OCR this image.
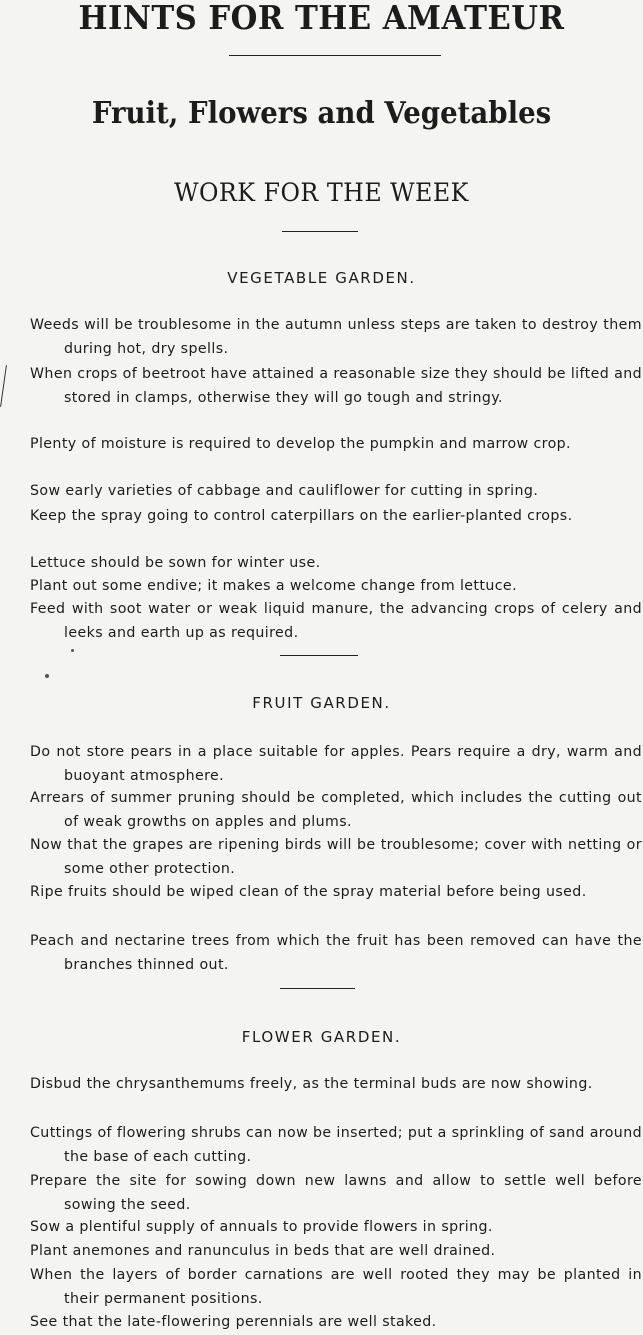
HINTS FOR THE AMATEUR
Fruit, Flowers and Vegetables
WORK FOR THE WEEK
VEGETABLE GARDEN.

Weeds will be troublesome in the autumn unless steps are taken to destroy them during hot, dry spells.

When crops of beetroot have attained a reasonable size they should be lifted and stored in clamps, otherwise they will go tough and stringy.

Plenty of moisture is required to develop the pumpkin and marrow crop.

Sow early varieties of cabbage and cauliflower for cutting in spring.

Keep the spray going to control caterpillars on the earlier-planted crops.

Lettuce should be sown for winter use.

Plant out some endive; it makes a welcome change from lettuce.

Feed with soot water or weak liquid manure, the advancing crops of celery and leeks and earth up as required.

FRUIT GARDEN.

Do not store pears in a place suitable for apples. Pears require a dry, warm and buoyant atmosphere.

Arrears of summer pruning should be completed, which includes the cutting out of weak growths on apples and plums.

Now that the grapes are ripening birds will be troublesome; cover with netting or some other protection.

Ripe fruits should be wiped clean of the spray material before being used.

Peach and nectarine trees from which the fruit has been removed can have the branches thinned out.

FLOWER GARDEN.

Disbud the chrysanthemums freely, as the terminal buds are now showing.

Cuttings of flowering shrubs can now be inserted; put a sprinkling of sand around the base of each cutting.

Prepare the site for sowing down new lawns and allow to settle well before sowing the seed.

Sow a plentiful supply of annuals to provide flowers in spring.

Plant anemones and ranunculus in beds that are well drained.

When the layers of border carnations are well rooted they may be planted in their permanent positions.

See that the late-flowering perennials are well staked.
